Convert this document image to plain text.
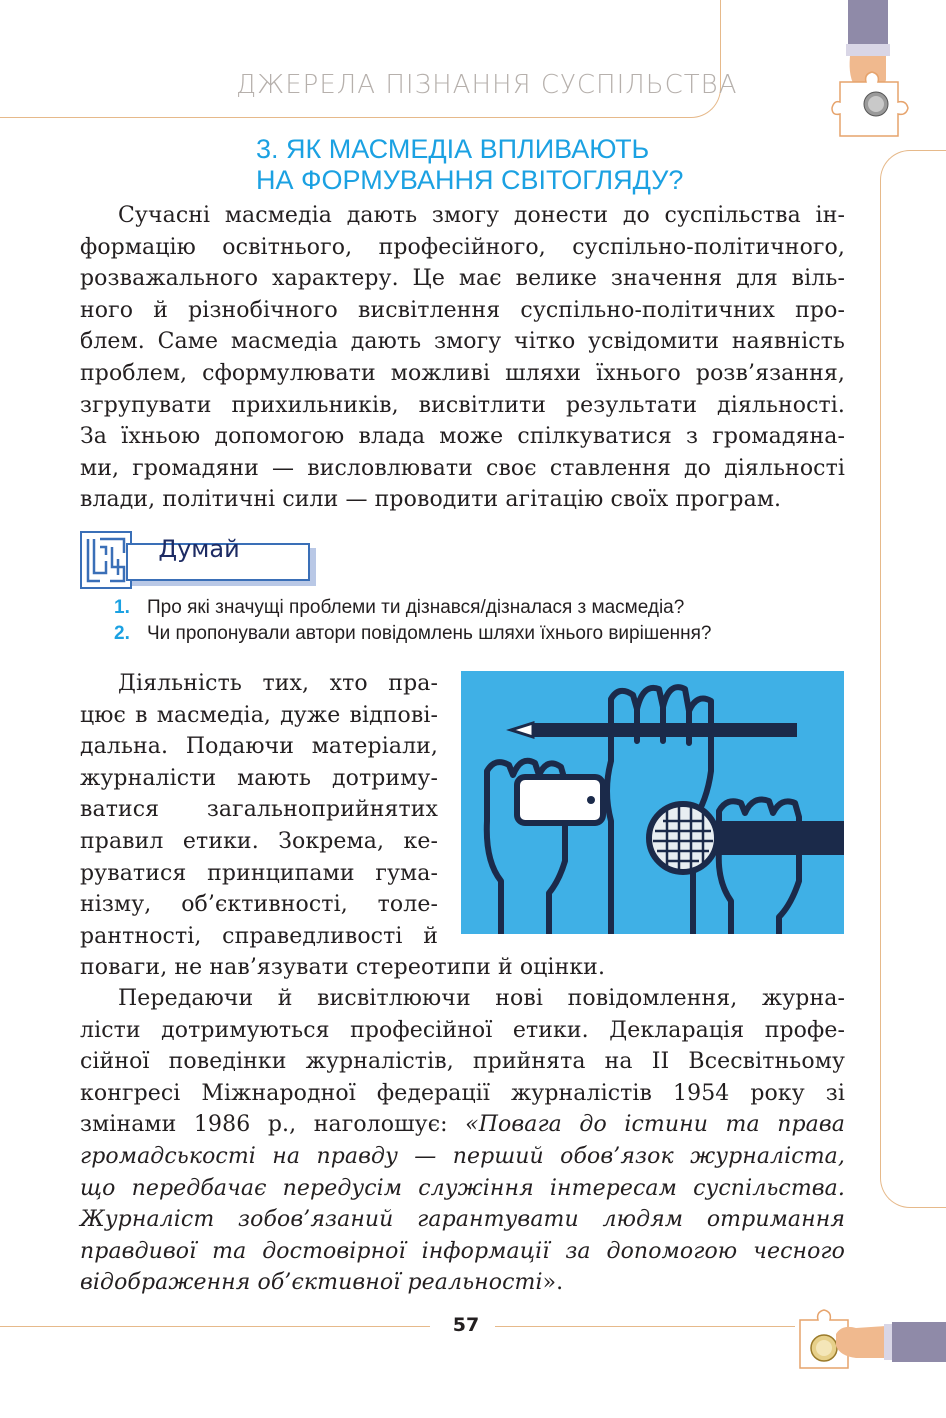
ДЖЕРЕЛА ПІЗНАННЯ СУСПІЛЬСТВА
3. ЯК МАСМЕДІА ВПЛИВАЮТЬ
НА ФОРМУВАННЯ СВІТОГЛЯДУ?
Сучасні масмедіа дають змогу донести до суспільства ін-
формацію освітнього, професійного, суспільно-політичного,
розважального характеру. Це має велике значення для віль-
ного й різнобічного висвітлення суспільно-політичних про-
блем. Саме масмедіа дають змогу чітко усвідомити наявність
проблем, сформулювати можливі шляхи їхнього розв’язання,
згрупувати прихильників, висвітлити результати діяльності.
За їхньою допомогою влада може спілкуватися з громадяна-
ми, громадяни — висловлювати своє ставлення до діяльності
влади, політичні сили — проводити агітацію своїх програм.
Думай
1. Про які значущі проблеми ти дізнався/дізналася з масмедіа?
2. Чи пропонували автори повідомлень шляхи їхнього вирішення?
Діяльність тих, хто пра-
цює в масмедіа, дуже відпові-
дальна. Подаючи матеріали,
журналісти мають дотриму-
ватися загальноприйнятих
правил етики. Зокрема, ке-
руватися принципами гума-
нізму, об’єктивності, толе-
рантності, справедливості й
поваги, не нав’язувати стереотипи й оцінки.
Передаючи й висвітлюючи нові повідомлення, журна-
лісти дотримуються професійної етики. Декларація профе-
сійної поведінки журналістів, прийнята на ІІ Всесвітньому
конгресі Міжнародної федерації журналістів 1954 року зі
змінами 1986 р., наголошує: «Повага до істини та права
громадськості на правду — перший обов’язок журналіста,
що передбачає передусім служіння інтересам суспільства.
Журналіст зобов’язаний гарантувати людям отримання
правдивої та достовірної інформації за допомогою чесного
відображення об’єктивної реальності».
57
